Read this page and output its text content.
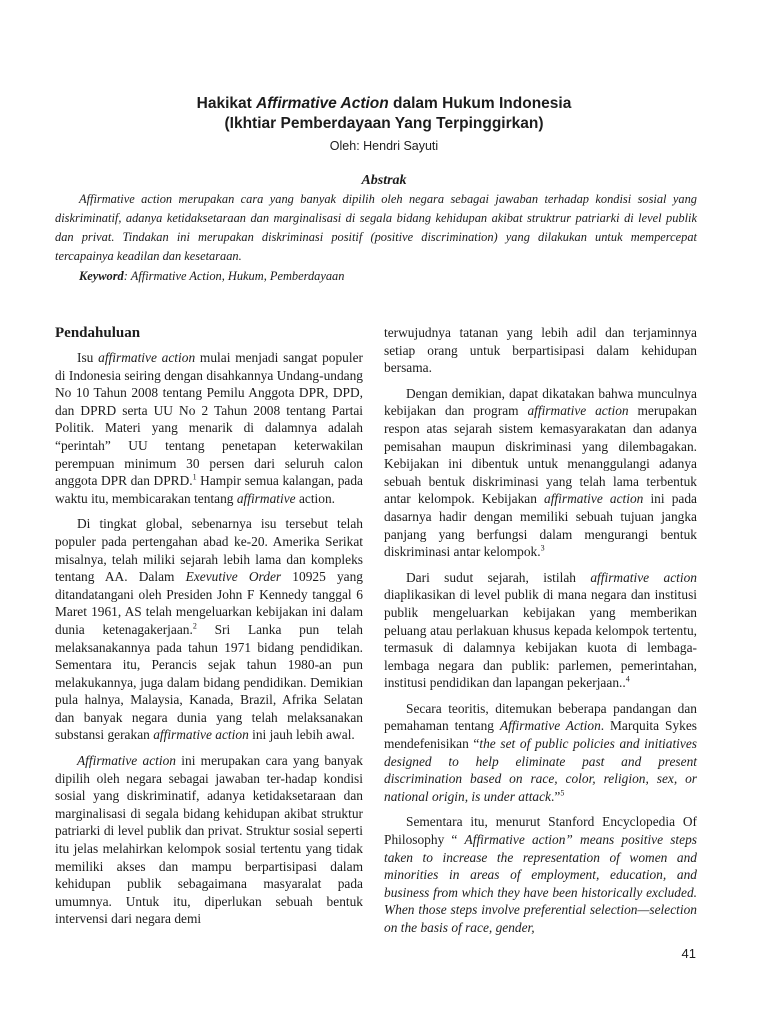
Hakikat Affirmative Action dalam Hukum Indonesia
(Ikhtiar Pemberdayaan Yang Terpinggirkan)
Oleh: Hendri Sayuti
Abstrak

Affirmative action merupakan cara yang banyak dipilih oleh negara sebagai jawaban terhadap kondisi sosial yang diskriminatif, adanya ketidaksetaraan dan marginalisasi di segala bidang kehidupan akibat struktrur patriarki di level publik dan privat. Tindakan ini merupakan diskriminasi positif (positive discrimination) yang dilakukan untuk mempercepat tercapainya keadilan dan kesetaraan.

Keyword: Affirmative Action, Hukum, Pemberdayaan

Pendahuluan

Isu affirmative action mulai menjadi sangat populer di Indonesia seiring dengan disahkannya Undang-undang No 10 Tahun 2008 tentang Pemilu Anggota DPR, DPD, dan DPRD serta UU No 2 Tahun 2008 tentang Partai Politik. Materi yang menarik di dalamnya adalah “perintah” UU tentang penetapan keterwakilan perempuan minimum 30 persen dari seluruh calon anggota DPR dan DPRD.$^1$ Hampir semua kalangan, pada waktu itu, membicarakan tentang affirmative action.

Di tingkat global, sebenarnya isu tersebut telah populer pada pertengahan abad ke-20. Amerika Serikat misalnya, telah miliki sejarah lebih lama dan kompleks tentang AA. Dalam Exevutive Order 10925 yang ditandatangani oleh Presiden John F Kennedy tanggal 6 Maret 1961, AS telah mengeluarkan kebijakan ini dalam dunia ketenagakerjaan.$^2$ Sri Lanka pun telah melaksanakannya pada tahun 1971 bidang pendidikan. Sementara itu, Perancis sejak tahun 1980-an pun melakukannya, juga dalam bidang pendidikan. Demikian pula halnya, Malaysia, Kanada, Brazil, Afrika Selatan dan banyak negara dunia yang telah melaksanakan substansi gerakan affirmative action ini jauh lebih awal.

Affirmative action ini merupakan cara yang banyak dipilih oleh negara sebagai jawaban ter-hadap kondisi sosial yang diskriminatif, adanya ketidaksetaraan dan marginalisasi di segala bidang kehidupan akibat struktur patriarki di level publik dan privat. Struktur sosial seperti itu jelas melahirkan kelompok sosial tertentu yang tidak memiliki akses dan mampu berpartisipasi dalam kehidupan publik sebagaimana masyaralat pada umumnya. Untuk itu, diperlukan sebuah bentuk intervensi dari negara demi

terwujudnya tatanan yang lebih adil dan terjaminnya setiap orang untuk berpartisipasi dalam kehidupan bersama.

Dengan demikian, dapat dikatakan bahwa munculnya kebijakan dan program affirmative action merupakan respon atas sejarah sistem kemasyarakatan dan adanya pemisahan maupun diskriminasi yang dilembagakan. Kebijakan ini dibentuk untuk menanggulangi adanya sebuah bentuk diskriminasi yang telah lama terbentuk antar kelompok. Kebijakan affirmative action ini pada dasarnya hadir dengan memiliki sebuah tujuan jangka panjang yang berfungsi dalam mengurangi bentuk diskriminasi antar kelompok.$^3$

Dari sudut sejarah, istilah affirmative action diaplikasikan di level publik di mana negara dan institusi publik mengeluarkan kebijakan yang memberikan peluang atau perlakuan khusus kepada kelompok tertentu, termasuk di dalamnya kebijakan kuota di lembaga-lembaga negara dan publik: parlemen, pemerintahan, institusi pendidikan dan lapangan pekerjaan..$^4$

Secara teoritis, ditemukan beberapa pandangan dan pemahaman tentang Affirmative Action. Marquita Sykes mendefenisikan “the set of public policies and initiatives designed to help eliminate past and present discrimination based on race, color, religion, sex, or national origin, is under attack.”$^5$

Sementara itu, menurut Stanford Encyclopedia Of Philosophy “ Affirmative action” means positive steps taken to increase the representation of women and minorities in areas of employment, education, and business from which they have been historically excluded. When those steps involve preferential selection—selection on the basis of race, gender,

41
